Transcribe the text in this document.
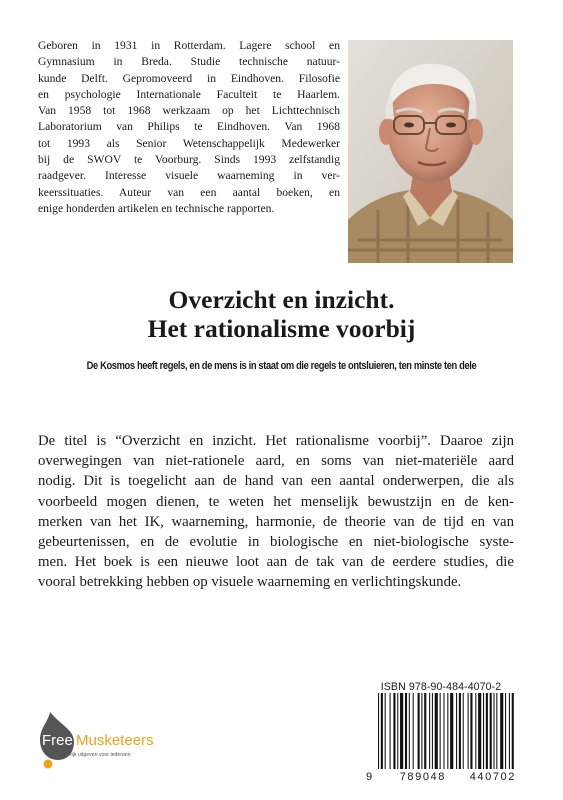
Geboren in 1931 in Rotterdam. Lagere school en
Gymnasium in Breda. Studie technische natuur-
kunde Delft. Gepromoveerd in Eindhoven. Filosofie
en psychologie Internationale Faculteit te Haarlem.
Van 1958 tot 1968 werkzaam op het Lichttechnisch
Laboratorium van Philips te Eindhoven. Van 1968
tot 1993 als Senior Wetenschappelijk Medewerker
bij de SWOV te Voorburg. Sinds 1993 zelfstandig
raadgever. Interesse visuele waarneming in ver-
keerssituaties. Auteur van een aantal boeken, en
enige honderden artikelen en technische rapporten.
Overzicht en inzicht.
Het rationalisme voorbij
De Kosmos heeft regels, en de mens is in staat om die regels te ontsluieren, ten minste ten dele
De titel is “Overzicht en inzicht. Het rationalisme voorbij”. Daaroe zijn
overwegingen van niet-rationele aard, en soms van niet-materiële aard
nodig. Dit is toegelicht aan de hand van een aantal onderwerpen, die als
voorbeeld mogen dienen, te weten het menselijk bewustzijn en de ken-
merken van het IK, waarneming, harmonie, de theorie van de tijd en van
gebeurtenissen, en de evolutie in biologische en niet-biologische syste-
men. Het boek is een nieuwe loot aan de tak van de eerdere studies, die
vooral betrekking hebben op visuele waarneming en verlichtingskunde.
Free Musketeers
Kansrijk uitgeven voor iedereen
ISBN 978-90-484-4070-2
9	789048 440702
